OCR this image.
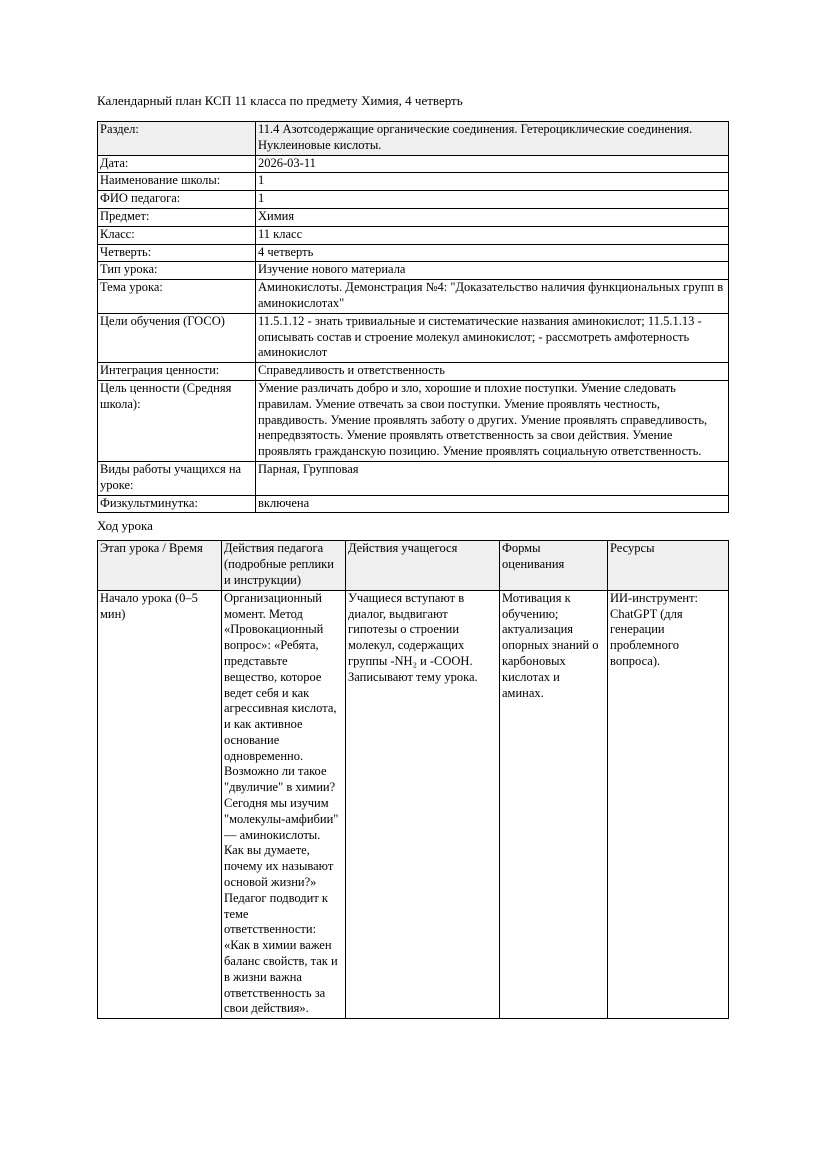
Календарный план КСП 11 класса по предмету Химия, 4 четверть
Раздел:	11.4 Азотсодержащие органические соединения. Гетероциклические соединения. Нуклеиновые кислоты.
Дата:	2026-03-11
Наименование школы:	1
ФИО педагога:	1
Предмет:	Химия
Класс:	11 класс
Четверть:	4 четверть
Тип урока:	Изучение нового материала
Тема урока:	Аминокислоты. Демонстрация №4: "Доказательство наличия функциональных групп в аминокислотах"
Цели обучения (ГОСО)	11.5.1.12 - знать тривиальные и систематические названия аминокислот; 11.5.1.13 - описывать состав и строение молекул аминокислот; - рассмотреть амфотерность аминокислот
Интеграция ценности:	Справедливость и ответственность
Цель ценности (Средняя школа):	Умение различать добро и зло, хорошие и плохие поступки. Умение следовать правилам. Умение отвечать за свои поступки. Умение проявлять честность, правдивость. Умение проявлять заботу о других. Умение проявлять справедливость, непредвзятость. Умение проявлять ответственность за свои действия. Умение проявлять гражданскую позицию. Умение проявлять социальную ответственность.
Виды работы учащихся на уроке:	Парная, Групповая
Физкультминутка:	включена
Ход урока
Этап урока / Время	Действия педагога (подробные реплики и инструкции)	Действия учащегося	Формы оценивания	Ресурсы
Начало урока (0–5 мин)	Организационный момент. Метод «Провокационный вопрос»: «Ребята, представьте вещество, которое ведет себя и как агрессивная кислота, и как активное основание одновременно. Возможно ли такое "двуличие" в химии? Сегодня мы изучим "молекулы-амфибии" — аминокислоты. Как вы думаете, почему их называют основой жизни?» Педагог подводит к теме ответственности: «Как в химии важен баланс свойств, так и в жизни важна ответственность за свои действия».	Учащиеся вступают в диалог, выдвигают гипотезы о строении молекул, содержащих группы -NH₂ и -COOH. Записывают тему урока.	Мотивация к обучению; актуализация опорных знаний о карбоновых кислотах и аминах.	ИИ-инструмент: ChatGPT (для генерации проблемного вопроса).
